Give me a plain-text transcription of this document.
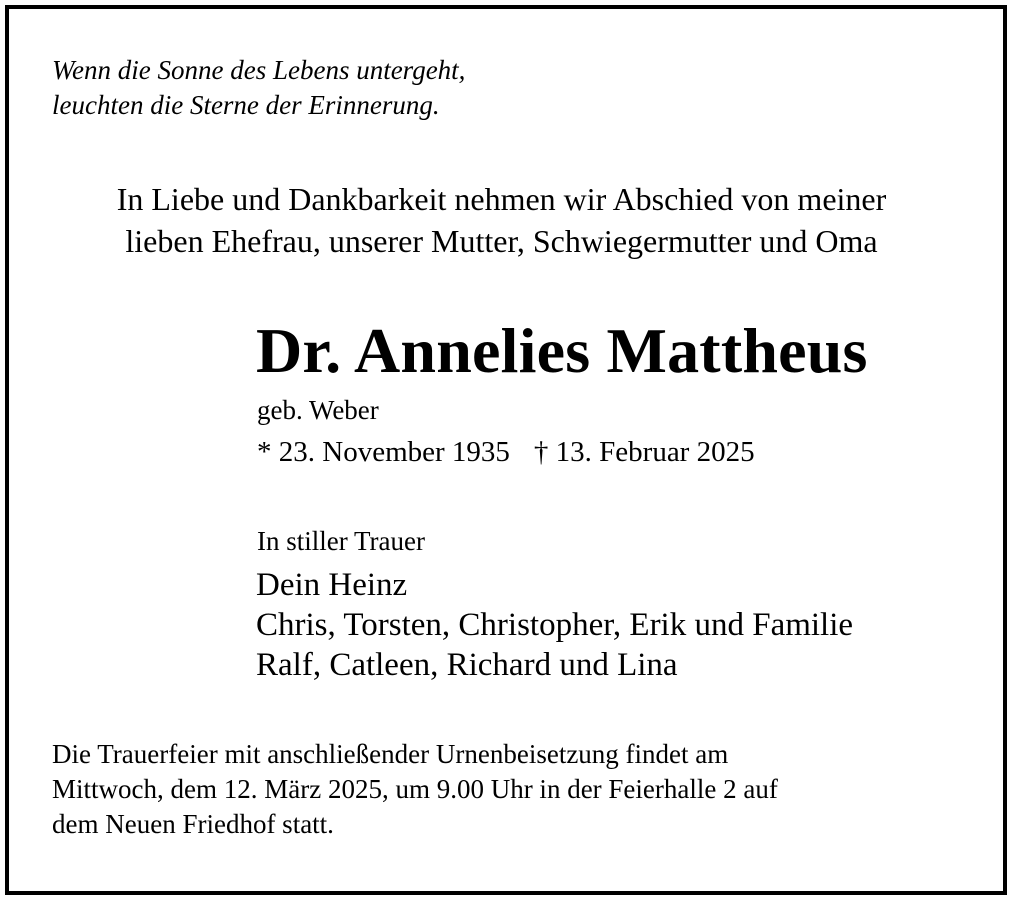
Wenn die Sonne des Lebens untergeht,
leuchten die Sterne der Erinnerung.
In Liebe und Dankbarkeit nehmen wir Abschied von meiner
lieben Ehefrau, unserer Mutter, Schwiegermutter und Oma
Dr. Annelies Mattheus
geb. Weber
* 23. November 1935 † 13. Februar 2025
In stiller Trauer
Dein Heinz
Chris, Torsten, Christopher, Erik und Familie
Ralf, Catleen, Richard und Lina
Die Trauerfeier mit anschließender Urnenbeisetzung findet am
Mittwoch, dem 12. März 2025, um 9.00 Uhr in der Feierhalle 2 auf
dem Neuen Friedhof statt.
